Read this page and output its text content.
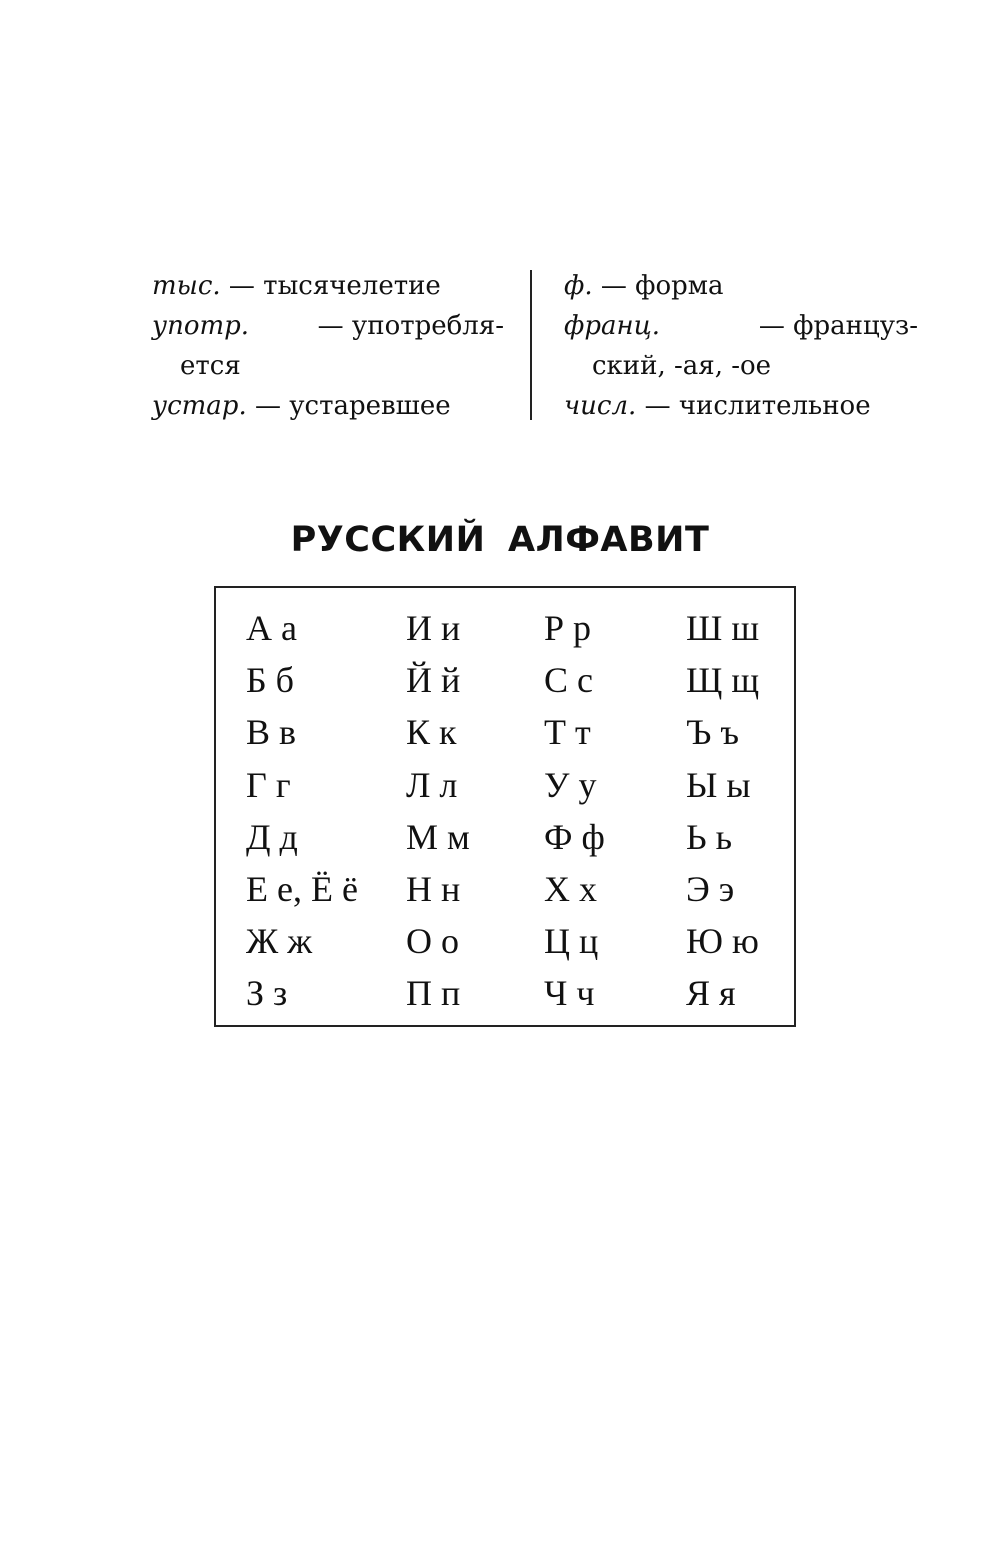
тыс. — тысячелетие

употр.	— употребля-
ется

устар. — устаревшее

ф. — форма

франц.	— француз-
ский, -ая, -ое

числ. — числительное

РУССКИЙ АЛФАВИТ
А а
Б б
В в
Г г
Д д
Е е, Ё ё
Ж ж
З з
И и
Й й
К к
Л л
М м
Н н
О о
П п
Р р
С с
Т т
У у
Ф ф
Х х
Ц ц
Ч ч
Ш ш
Щ щ
Ъ ъ
Ы ы
Ь ь
Э э
Ю ю
Я я
